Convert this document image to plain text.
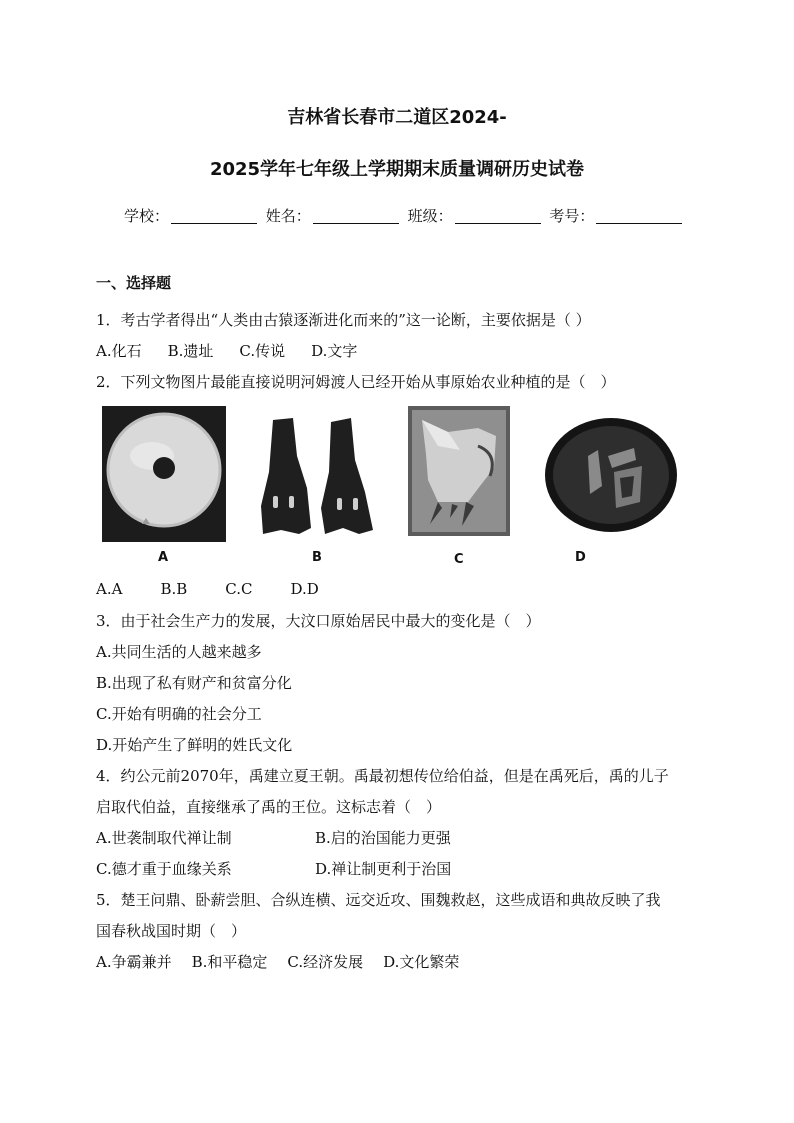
吉林省长春市二道区2024-
2025学年七年级上学期期末质量调研历史试卷
学校：	姓名：	班级：	考号：
一、选择题
1．考古学者得出“人类由古猿逐渐进化而来的”这一论断，主要依据是（ ）
A.化石 B.遗址 C.传说 D.文字
2．下列文物图片最能直接说明河姆渡人已经开始从事原始农业种植的是（　）
A	B	C	D
A.A	B.B	C.C	D.D
3．由于社会生产力的发展，大汶口原始居民中最大的变化是（　）
A.共同生活的人越来越多
B.出现了私有财产和贫富分化
C.开始有明确的社会分工
D.开始产生了鲜明的姓氏文化
4．约公元前2070年，禹建立夏王朝。禹最初想传位给伯益，但是在禹死后，禹的儿子
启取代伯益，直接继承了禹的王位。这标志着（　）
A.世袭制取代禅让制	B.启的治国能力更强
C.德才重于血缘关系	D.禅让制更利于治国
5．楚王问鼎、卧薪尝胆、合纵连横、远交近攻、围魏救赵，这些成语和典故反映了我
国春秋战国时期（　）
A.争霸兼并 B.和平稳定 C.经济发展 D.文化繁荣
